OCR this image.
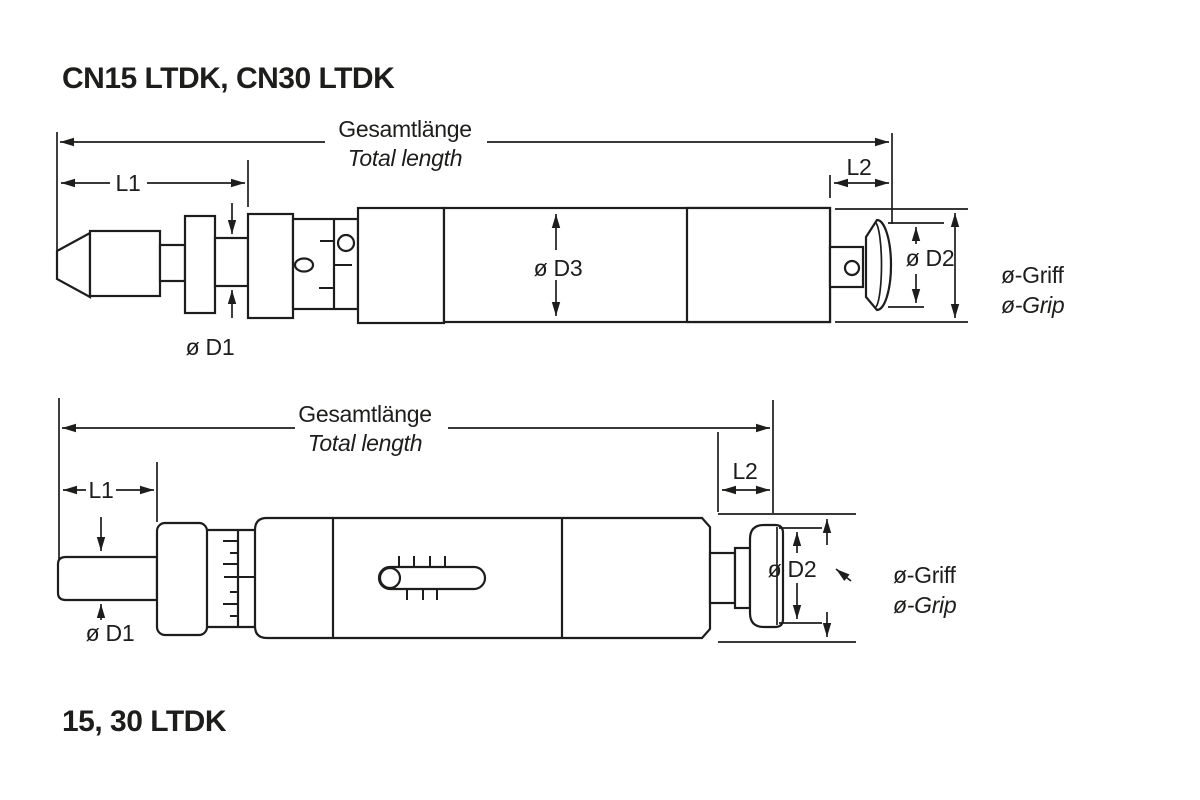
CN15 LTDK, CN30 LTDK
Gesamtlänge
Total length
L1
L2
ø D1
ø D3	ø D2
ø-Griff
ø-Grip
Gesamtlänge
Total length
L1
L2
ø D1
ø D2	ø-Griff
ø-Grip
15, 30 LTDK
